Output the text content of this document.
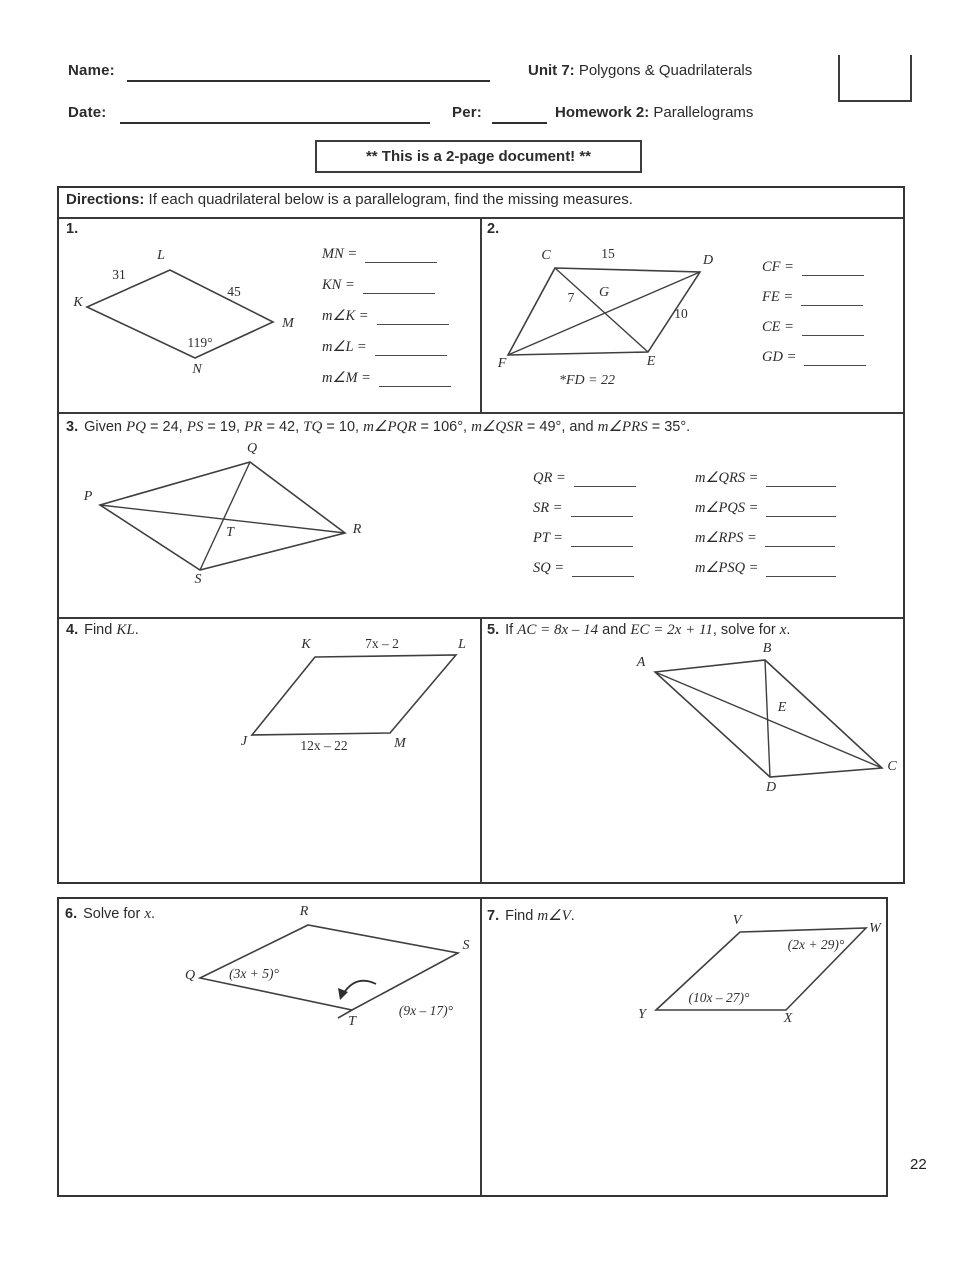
Name:	Unit 7: Polygons & Quadrilaterals
Date:	Per:	Homework 2: Parallelograms
** This is a 2-page document! **
Directions: If each quadrilateral below is a parallelogram, find the missing measures.
1.
K
L
M
N
31
45
119°
MN =
KN =
m∠K =
m∠L =
m∠M =
2.
C	15	D
7 G
10
F	E
*FD = 22
CF =
FE =
CE =
GD =
3. Given PQ = 24, PS = 19, PR = 42, TQ = 10, m∠PQR = 106°, m∠QSR = 49°, and m∠PRS = 35°.
P
Q
R
S
T
QR =
SR =
PT =
SQ =
m∠QRS =
m∠PQS =
m∠RPS =
m∠PSQ =
4. Find KL.
K	7x – 2	L
J	12x – 22	M
5. If AC = 8x – 14 and EC = 2x + 11, solve for x.
A
B
E
D
C
6. Solve for x.
Q
R
S
T
(3x + 5)°
(9x – 17)°
7. Find m∠V.	V
W
(2x + 29)°
(10x – 27)°
Y	X
22
